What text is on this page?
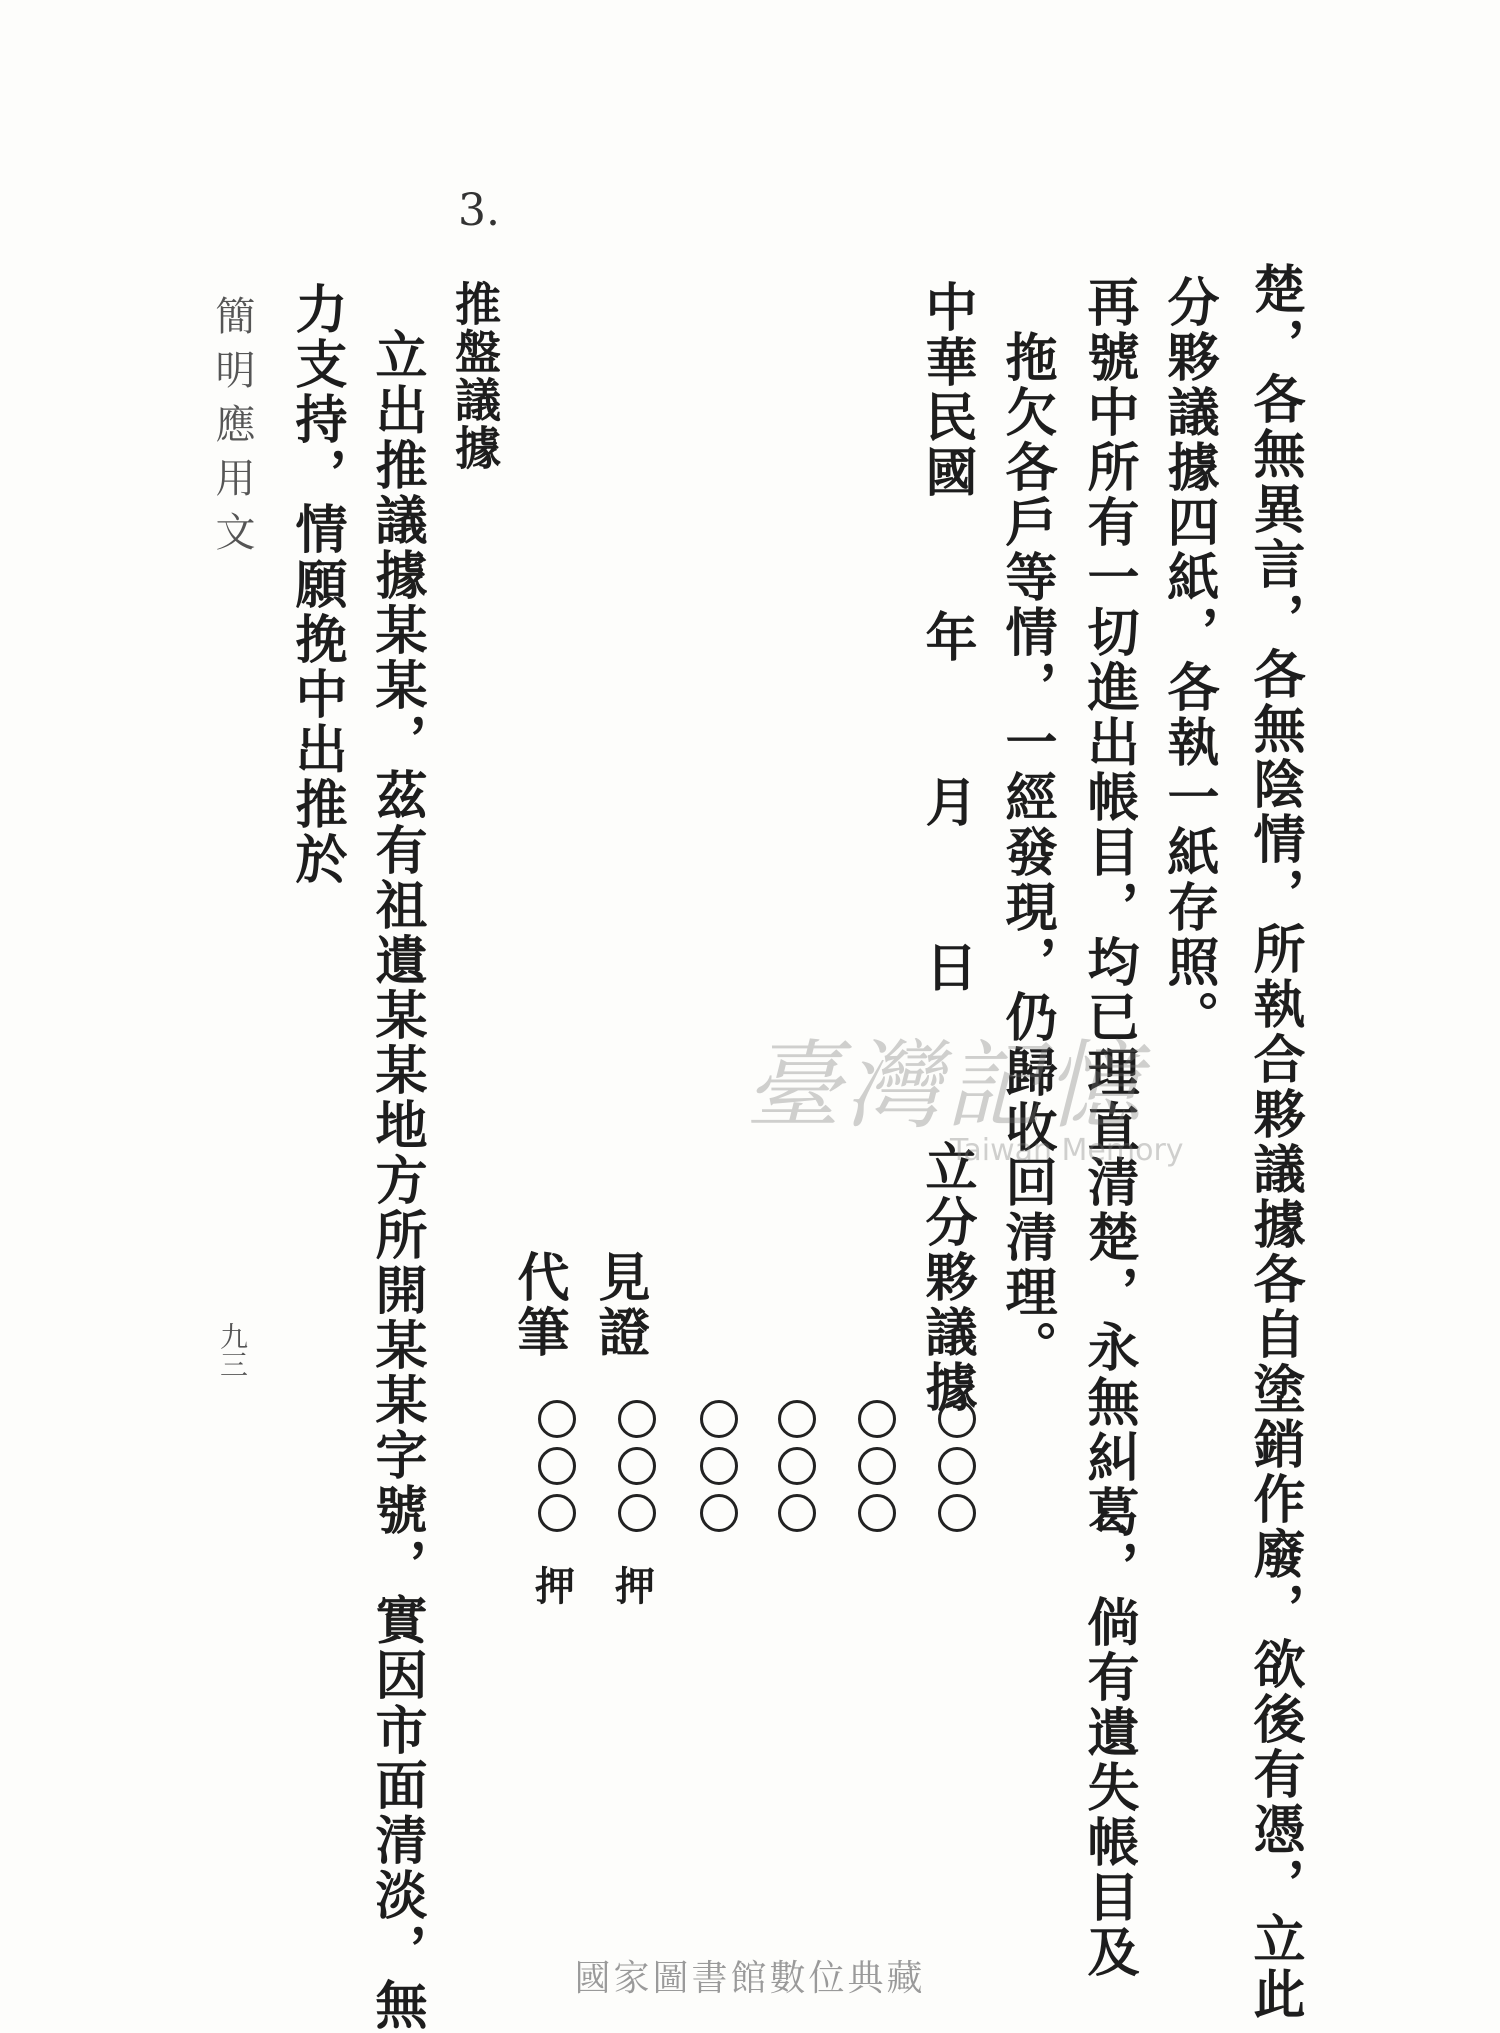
3.
楚，各無異言，各無陰情，所執合夥議據各自塗銷作廢，欲後有憑，立此
分夥議據四紙，各執一紙存照。
再號中所有一切進出帳目，均已理直清楚，永無糾葛，倘有遺失帳目及
拖欠各戶等情，一經發現，仍歸收回清理。
中華民國　　年　　月　　日
立分夥議據
見證
代筆
推盤議據
立出推議據某某，茲有祖遺某某地方所開某某字號，實因市面清淡，無
力支持，情願挽中出推於
押
押
簡明應用文
九三
臺灣記憶
Taiwan Memory
國家圖書館數位典藏
